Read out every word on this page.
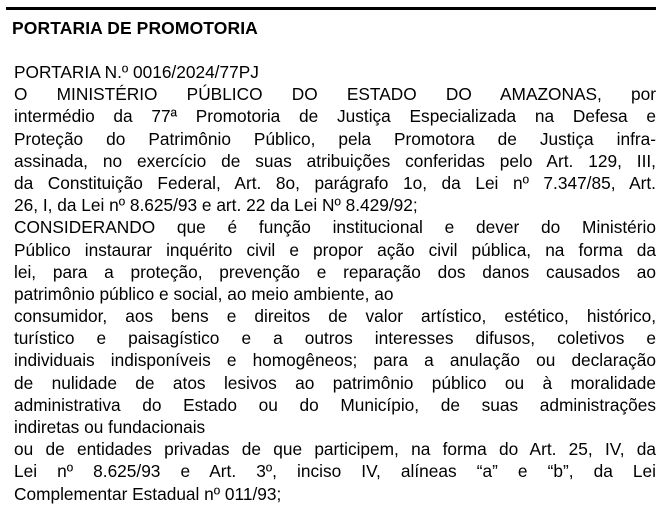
PORTARIA DE PROMOTORIA
PORTARIA N.º 0016/2024/77PJ
O MINISTÉRIO PÚBLICO DO ESTADO DO AMAZONAS, por
intermédio da 77ª Promotoria de Justiça Especializada na Defesa e
Proteção do Patrimônio Público, pela Promotora de Justiça infra-
assinada, no exercício de suas atribuições conferidas pelo Art. 129, III,
da Constituição Federal, Art. 8o, parágrafo 1o, da Lei nº 7.347/85, Art.
26, I, da Lei nº 8.625/93 e art. 22 da Lei Nº 8.429/92;
CONSIDERANDO que é função institucional e dever do Ministério
Público instaurar inquérito civil e propor ação civil pública, na forma da
lei, para a proteção, prevenção e reparação dos danos causados ao
patrimônio público e social, ao meio ambiente, ao
consumidor, aos bens e direitos de valor artístico, estético, histórico,
turístico e paisagístico e a outros interesses difusos, coletivos e
individuais indisponíveis e homogêneos; para a anulação ou declaração
de nulidade de atos lesivos ao patrimônio público ou à moralidade
administrativa do Estado ou do Município, de suas administrações
indiretas ou fundacionais
ou de entidades privadas de que participem, na forma do Art. 25, IV, da
Lei nº 8.625/93 e Art. 3º, inciso IV, alíneas “a” e “b”, da Lei
Complementar Estadual nº 011/93;
